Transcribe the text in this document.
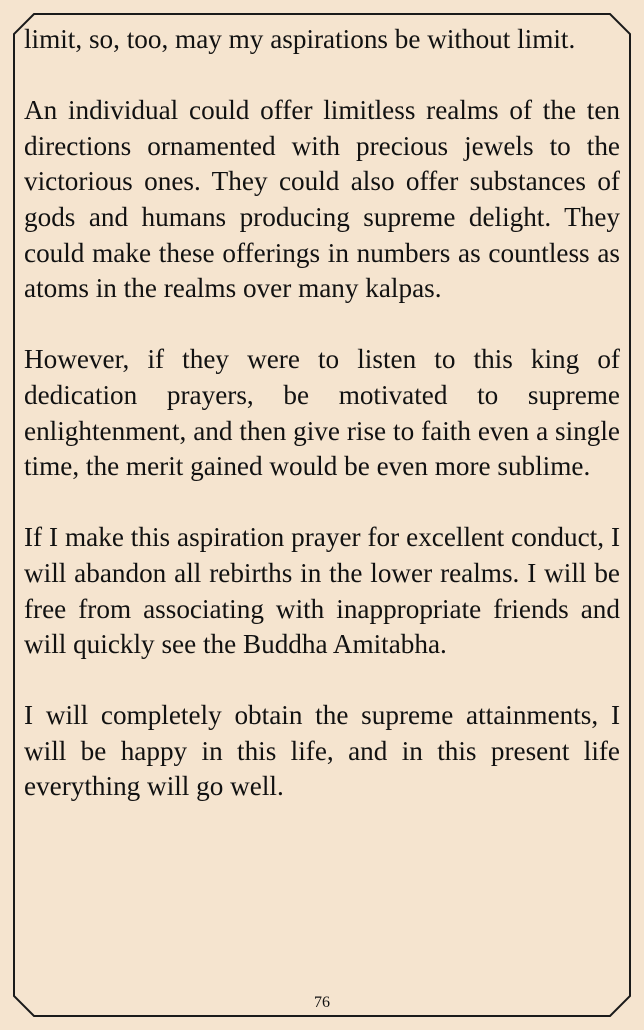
limit, so, too, may my aspirations be without limit.

An individual could offer limitless realms of the ten directions ornamented with precious jewels to the victorious ones. They could also offer substances of gods and humans producing supreme delight. They could make these offerings in numbers as countless as atoms in the realms over many kalpas.

However, if they were to listen to this king of dedication prayers, be motivated to supreme enlightenment, and then give rise to faith even a single time, the merit gained would be even more sublime.

If I make this aspiration prayer for excellent conduct, I will abandon all rebirths in the lower realms. I will be free from associating with inappropriate friends and will quickly see the Buddha Amitabha.

I will completely obtain the supreme attainments, I will be happy in this life, and in this present life everything will go well.

76
